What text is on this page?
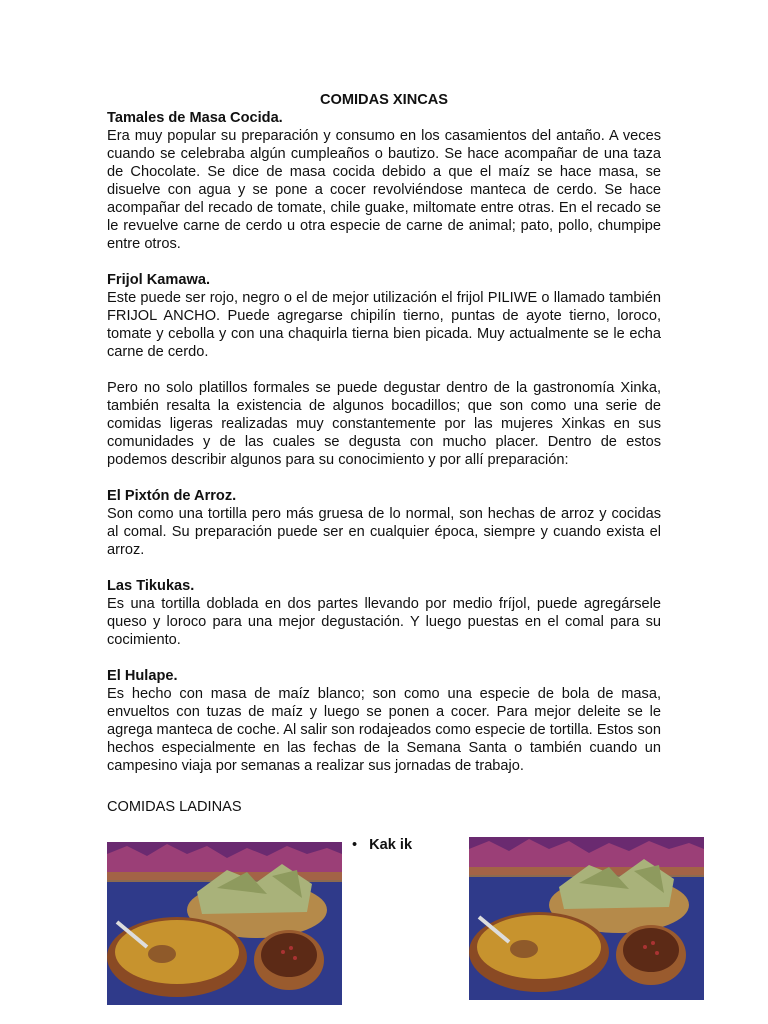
COMIDAS XINCAS
Tamales de Masa Cocida.

Era muy popular su preparación y consumo en los casamientos del antaño. A veces cuando se celebraba algún cumpleaños o bautizo. Se hace acompañar de una taza de Chocolate. Se dice de masa cocida debido a que el maíz se hace masa, se disuelve con agua y se pone a cocer revolviéndose manteca de cerdo. Se hace acompañar del recado de tomate, chile guake, miltomate entre otras. En el recado se le revuelve carne de cerdo u otra especie de carne de animal; pato, pollo, chumpipe entre otros.

Frijol Kamawa.

Este puede ser rojo, negro o el de mejor utilización el frijol PILIWE o llamado también FRIJOL ANCHO. Puede agregarse chipilín tierno, puntas de ayote tierno, loroco, tomate y cebolla y con una chaquirla tierna bien picada. Muy actualmente se le echa carne de cerdo.

Pero no solo platillos formales se puede degustar dentro de la gastronomía Xinka, también resalta la existencia de algunos bocadillos; que son como una serie de comidas ligeras realizadas muy constantemente por las mujeres Xinkas en sus comunidades y de las cuales se degusta con mucho placer. Dentro de estos podemos describir algunos para su conocimiento y por allí preparación:

El Pixtón de Arroz.

Son como una tortilla pero más gruesa de lo normal, son hechas de arroz y cocidas al comal. Su preparación puede ser en cualquier época, siempre y cuando exista el arroz.

Las Tikukas.

Es una tortilla doblada en dos partes llevando por medio fríjol, puede agregársele queso y loroco para una mejor degustación. Y luego puestas en el comal para su cocimiento.

El Hulape.

Es hecho con masa de maíz blanco; son como una especie de bola de masa, envueltos con tuzas de maíz y luego se ponen a cocer. Para mejor deleite se le agrega manteca de coche. Al salir son rodajeados como especie de tortilla. Estos son hechos especialmente en las fechas de la Semana Santa o también cuando un campesino viaja por semanas a realizar sus jornadas de trabajo.

COMIDAS LADINAS
• Kak ik
